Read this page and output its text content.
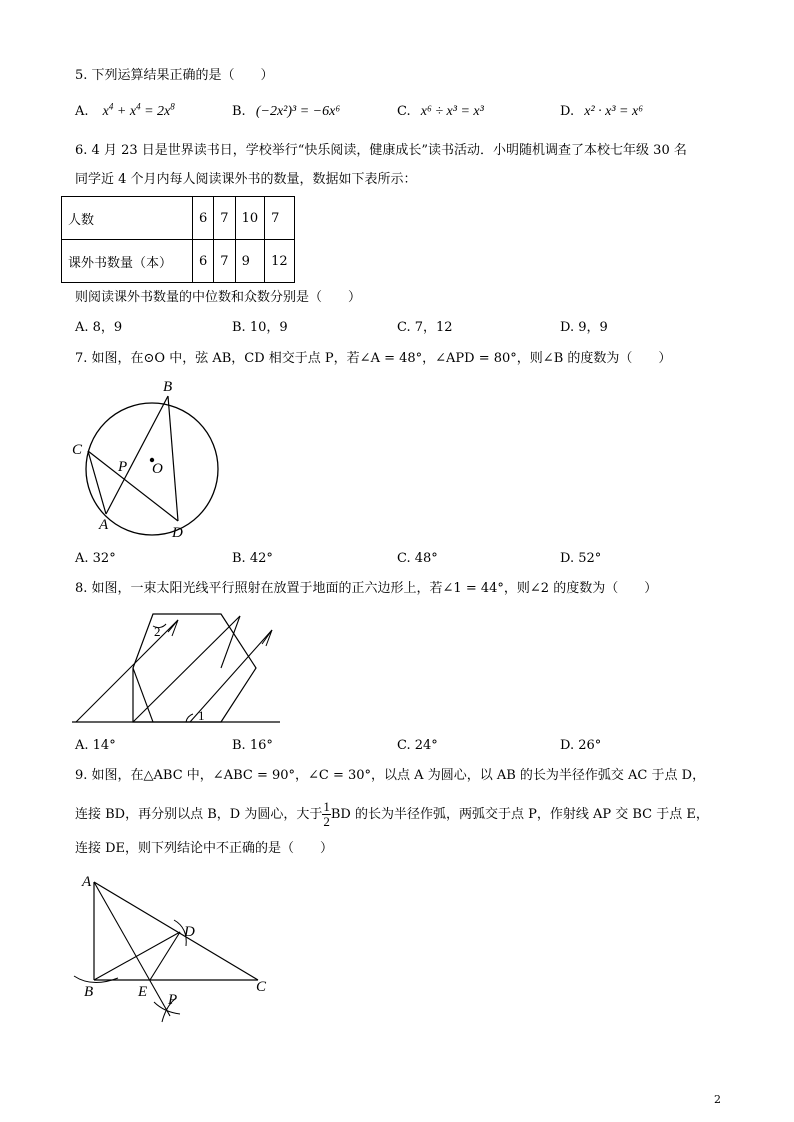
5. 下列运算结果正确的是（　　）
A. $x^4 + x^4 = 2x^8$	B. (−2x²)³ = −6x⁶	C. x⁶ ÷ x³ = x³	D. x² · x³ = x⁶
6. 4 月 23 日是世界读书日，学校举行“快乐阅读，健康成长”读书活动．小明随机调查了本校七年级 30 名
同学近 4 个月内每人阅读课外书的数量，数据如下表所示：
人数	6	7	10	7
课外书数量（本）	6	7	9	12
则阅读课外书数量的中位数和众数分别是（　　）
A. 8，9	B. 10，9	C. 7，12	D. 9，9
7. 如图，在⊙O 中，弦 AB，CD 相交于点 P，若∠A = 48°，∠APD = 80°，则∠B 的度数为（　　）
B
C
P O
A	D
A. 32°	B. 42°	C. 48°	D. 52°
8. 如图，一束太阳光线平行照射在放置于地面的正六边形上，若∠1 = 44°，则∠2 的度数为（　　）
1
2
A. 14°	B. 16°	C. 24°	D. 26°
9. 如图，在△ABC 中，∠ABC = 90°，∠C = 30°，以点 A 为圆心，以 AB 的长为半径作弧交 AC 于点 D，
连接 BD，再分别以点 B，D 为圆心，大于 $\frac{1}{2}$ BD 的长为半径作弧，两弧交于点 P，作射线 AP 交 BC 于点 E，
连接 DE，则下列结论中不正确的是（　　）
A
D
B	E P
C
2
